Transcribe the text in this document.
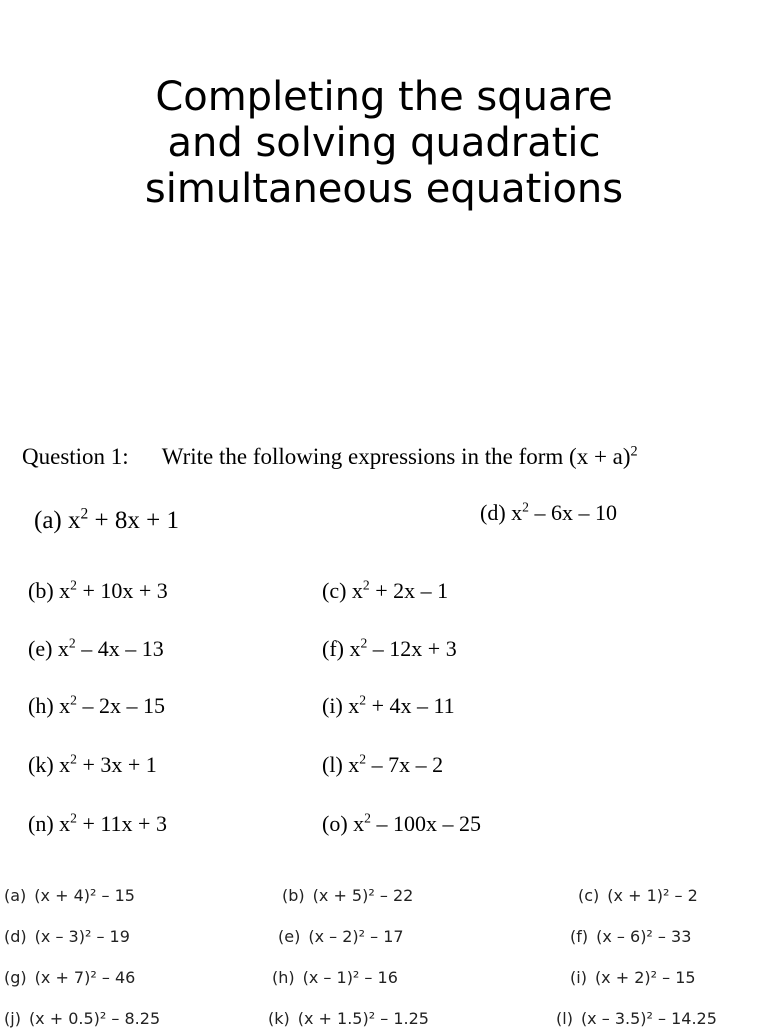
Completing the square
and solving quadratic
simultaneous equations
Question 1: Write the following expressions in the form $(x + a)^2$
(a) $x^2 + 8x + 1$	(d) $x^2 - 6x - 10$
(b) $x^2 + 10x + 3$	(c) $x^2 + 2x - 1$
(e) $x^2 - 4x - 13$	(f) $x^2 - 12x + 3$
(h) $x^2 - 2x - 15$	(i) $x^2 + 4x - 11$
(k) $x^2 + 3x + 1$	(l) $x^2 - 7x - 2$
(n) $x^2 + 11x + 3$	(o) $x^2 - 100x - 25$
(a) (x + 4)² – 15	(b) (x + 5)² – 22	(c) (x + 1)² – 2
(d) (x – 3)² – 19	(e) (x – 2)² – 17	(f) (x – 6)² – 33
(g) (x + 7)² – 46	(h) (x – 1)² – 16	(i) (x + 2)² – 15
(j) (x + 0.5)² – 8.25	(k) (x + 1.5)² – 1.25	(l) (x – 3.5)² – 14.25
